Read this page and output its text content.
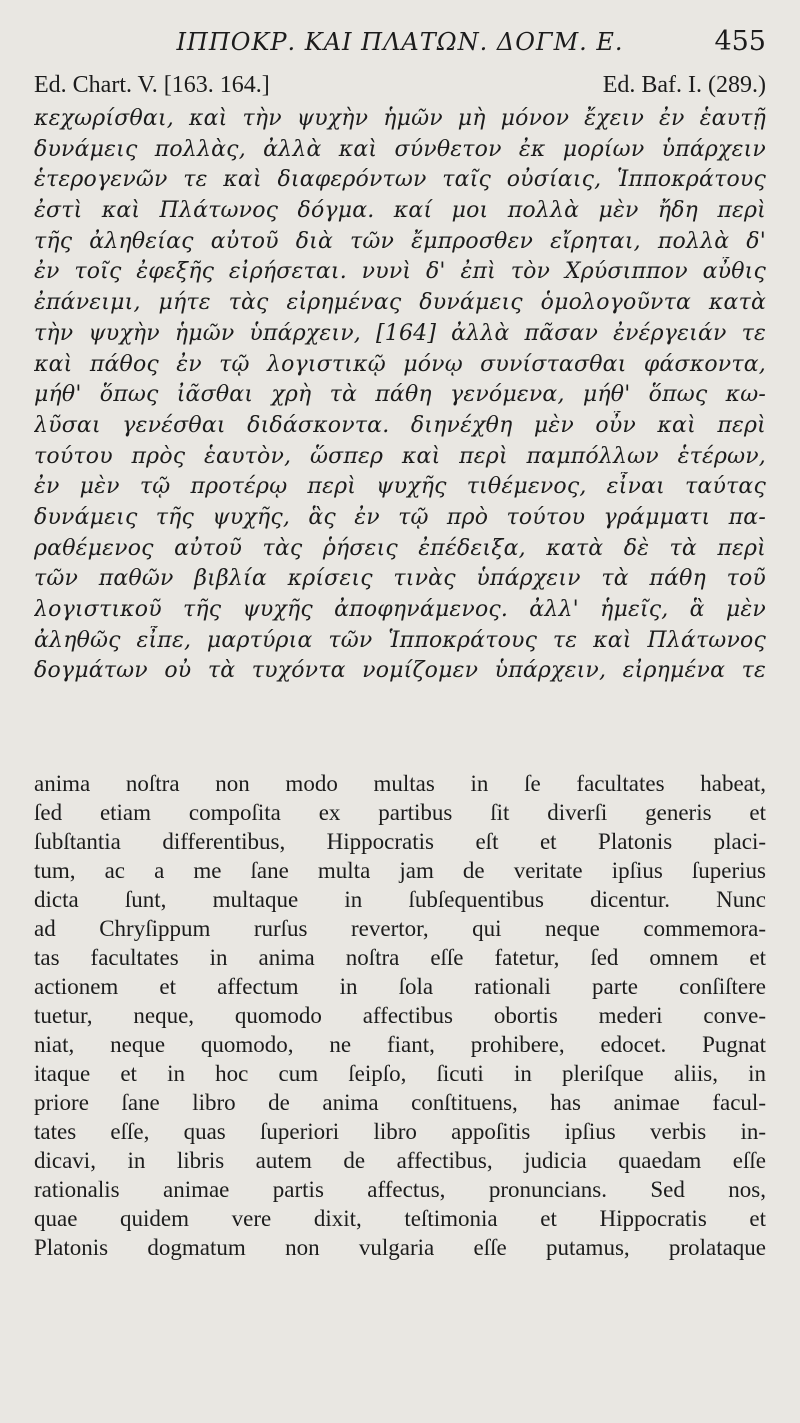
ΙΠΠΟΚΡ. ΚΑΙ ΠΛΑΤΩΝ. ΔΟΓΜ. Ε.	455
Ed. Chart. V. [163. 164.]	Ed. Baf. I. (289.)
κεχωρίσθαι, καὶ τὴν ψυχὴν ἡμῶν μὴ μόνον ἔχειν ἐν ἑαυτῇ
δυνάμεις πολλὰς, ἀλλὰ καὶ σύνθετον ἐκ μορίων ὑπάρχειν
ἑτερογενῶν τε καὶ διαφερόντων ταῖς οὐσίαις, Ἱπποκράτους
ἐστὶ καὶ Πλάτωνος δόγμα. καί μοι πολλὰ μὲν ἤδη περὶ
τῆς ἀληθείας αὐτοῦ διὰ τῶν ἔμπροσθεν εἴρηται, πολλὰ δ'
ἐν τοῖς ἐφεξῆς εἰρήσεται. νυνὶ δ' ἐπὶ τὸν Χρύσιππον αὖθις
ἐπάνειμι, μήτε τὰς εἰρημένας δυνάμεις ὁμολογοῦντα κατὰ
τὴν ψυχὴν ἡμῶν ὑπάρχειν, [164] ἀλλὰ πᾶσαν ἐνέργειάν τε
καὶ πάθος ἐν τῷ λογιστικῷ μόνῳ συνίστασθαι φάσκοντα,
μήθ' ὅπως ἰᾶσθαι χρὴ τὰ πάθη γενόμενα, μήθ' ὅπως κω-
λῦσαι γενέσθαι διδάσκοντα. διηνέχθη μὲν οὖν καὶ περὶ
τούτου πρὸς ἑαυτὸν, ὥσπερ καὶ περὶ παμπόλλων ἑτέρων,
ἐν μὲν τῷ προτέρῳ περὶ ψυχῆς τιθέμενος, εἶναι ταύτας
δυνάμεις τῆς ψυχῆς, ἃς ἐν τῷ πρὸ τούτου γράμματι πα-
ραθέμενος αὐτοῦ τὰς ῥήσεις ἐπέδειξα, κατὰ δὲ τὰ περὶ
τῶν παθῶν βιβλία κρίσεις τινὰς ὑπάρχειν τὰ πάθη τοῦ
λογιστικοῦ τῆς ψυχῆς ἀποφηνάμενος. ἀλλ' ἡμεῖς, ἃ μὲν
ἀληθῶς εἶπε, μαρτύρια τῶν Ἱπποκράτους τε καὶ Πλάτωνος
δογμάτων οὐ τὰ τυχόντα νομίζομεν ὑπάρχειν, εἰρημένα τε
anima noſtra non modo multas in ſe facultates habeat,
ſed etiam compoſita ex partibus ſit diverſi generis et
ſubſtantia differentibus, Hippocratis eſt et Platonis placi-
tum, ac a me ſane multa jam de veritate ipſius ſuperius
dicta ſunt, multaque in ſubſequentibus dicentur. Nunc
ad Chryſippum rurſus revertor, qui neque commemora-
tas facultates in anima noſtra eſſe fatetur, ſed omnem et
actionem et affectum in ſola rationali parte conſiſtere
tuetur, neque, quomodo affectibus obortis mederi conve-
niat, neque quomodo, ne fiant, prohibere, edocet. Pugnat
itaque et in hoc cum ſeipſo, ſicuti in pleriſque aliis, in
priore ſane libro de anima conſtituens, has animae facul-
tates eſſe, quas ſuperiori libro appoſitis ipſius verbis in-
dicavi, in libris autem de affectibus, judicia quaedam eſſe
rationalis animae partis affectus, pronuncians. Sed nos,
quae quidem vere dixit, teſtimonia et Hippocratis et
Platonis dogmatum non vulgaria eſſe putamus, prolataque
